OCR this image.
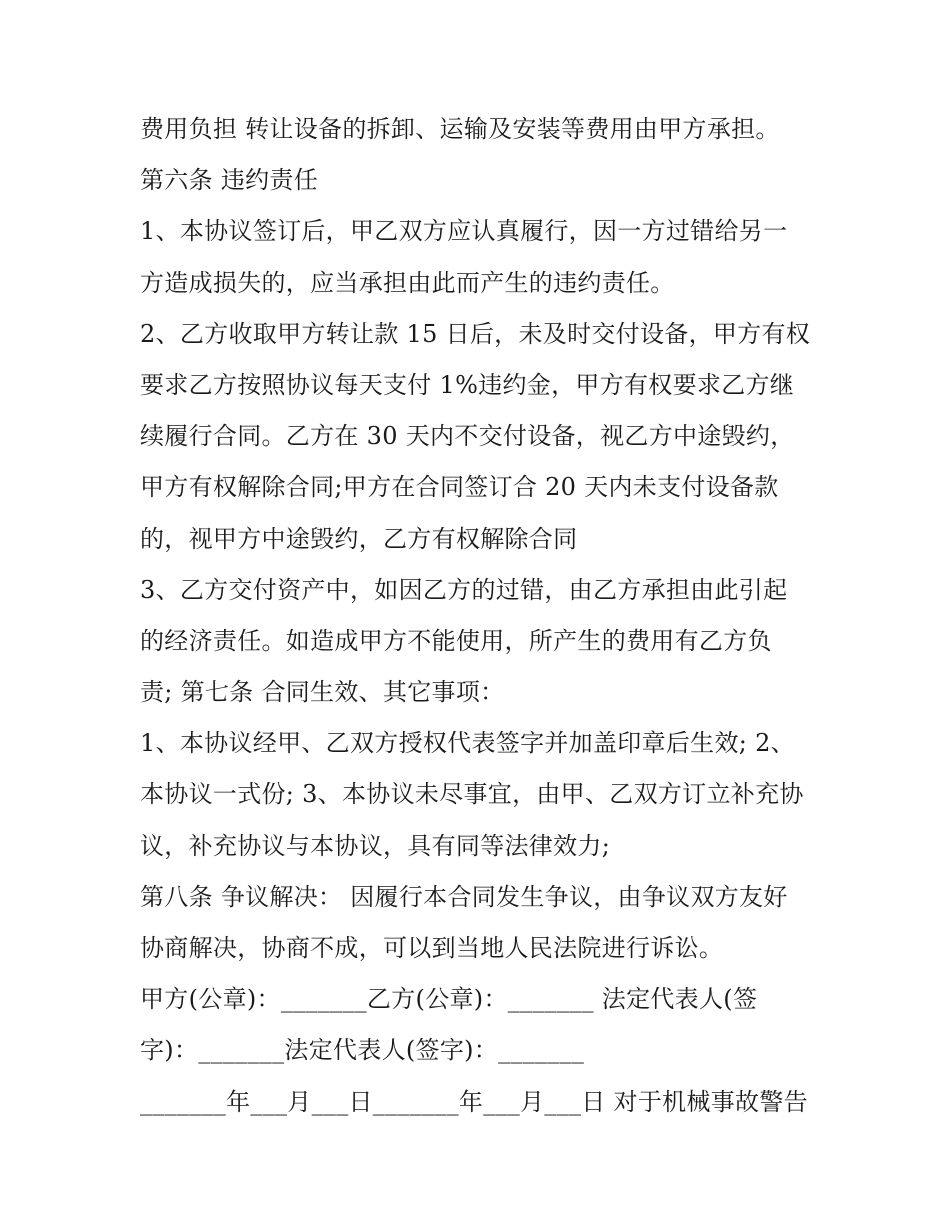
费用负担 转让设备的拆卸、运输及安装等费用由甲方承担。
第六条 违约责任
1、本协议签订后，甲乙双方应认真履行，因一方过错给另一
方造成损失的，应当承担由此而产生的违约责任。
2、乙方收取甲方转让款 15 日后，未及时交付设备，甲方有权
要求乙方按照协议每天支付 1%违约金，甲方有权要求乙方继
续履行合同。乙方在 30 天内不交付设备，视乙方中途毁约，
甲方有权解除合同;甲方在合同签订合 20 天内未支付设备款
的，视甲方中途毁约，乙方有权解除合同
3、乙方交付资产中，如因乙方的过错，由乙方承担由此引起
的经济责任。如造成甲方不能使用，所产生的费用有乙方负
责; 第七条 合同生效、其它事项：
1、本协议经甲、乙双方授权代表签字并加盖印章后生效; 2、
本协议一式份; 3、本协议未尽事宜，由甲、乙双方订立补充协
议，补充协议与本协议，具有同等法律效力;
第八条 争议解决： 因履行本合同发生争议，由争议双方友好
协商解决，协商不成，可以到当地人民法院进行诉讼。
甲方(公章)：_______乙方(公章)：_______ 法定代表人(签
字)：_______法定代表人(签字)：_______
_______年___月___日_______年___月___日 对于机械事故警告
